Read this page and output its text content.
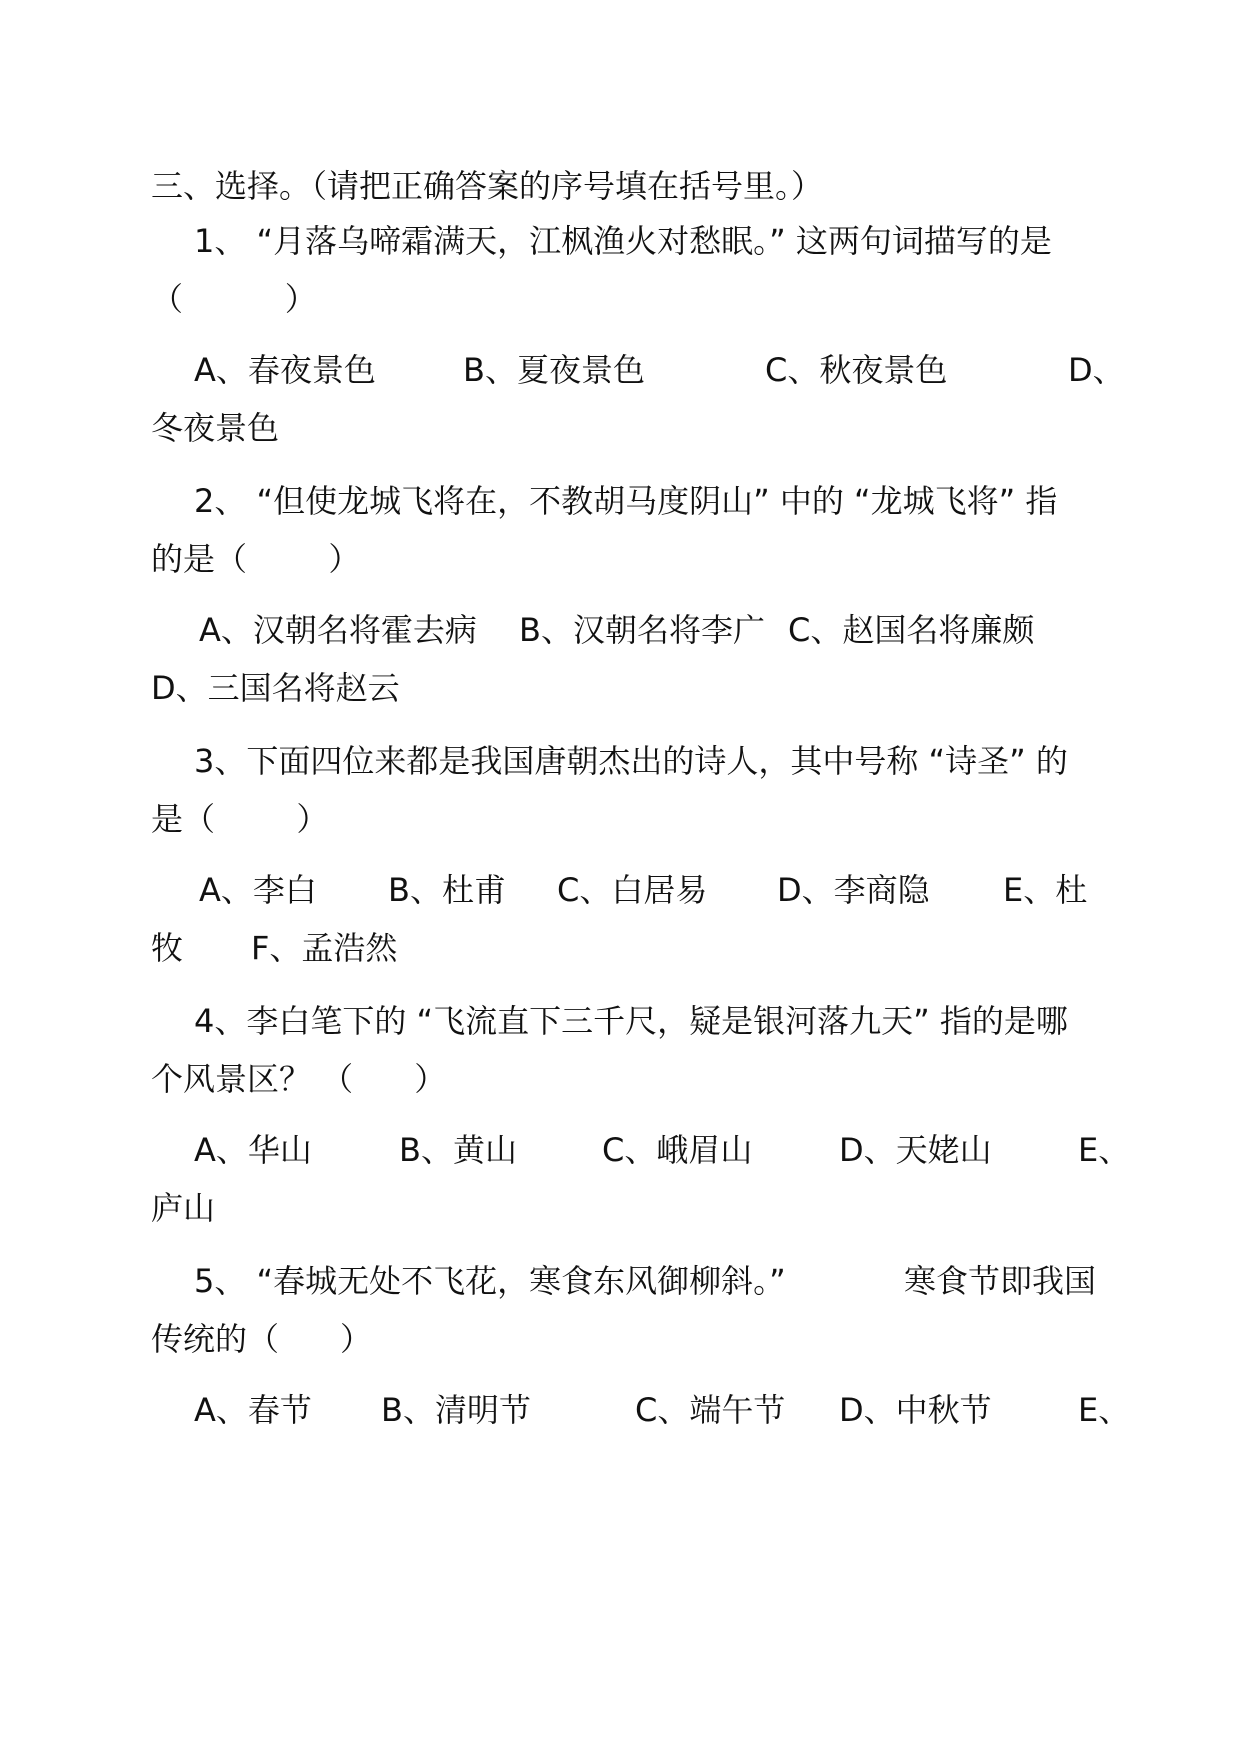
三、选择。（请把正确答案的序号填在括号里。）
1、 “月落乌啼霜满天，江枫渔火对愁眠。” 这两句词描写的是
（          ）

A、春夜景色

	B、夏夜景色

	C、秋夜景色

	D、

冬夜景色
2、 “但使龙城飞将在，不教胡马度阴山” 中的 “龙城飞将” 指
的是（        ）

A、汉朝名将霍去病

B、汉朝名将李广

C、赵国名将廉颇

D、三国名将赵云
3、下面四位来都是我国唐朝杰出的诗人，其中号称 “诗圣” 的
是（        ）

A、李白

B、杜甫

C、白居易

D、李商隐

E、杜

牧

F、孟浩然

4、李白笔下的 “飞流直下三千尺，疑是银河落九天” 指的是哪
个风景区？ （      ）

A、华山

	B、黄山

	C、峨眉山

	D、天姥山

	E、

庐山
5、 “春城无处不飞花，寒食东风御柳斜。”	寒食节即我国
传统的（      ）

A、春节

B、清明节

	C、端午节

D、中秋节

	E、
